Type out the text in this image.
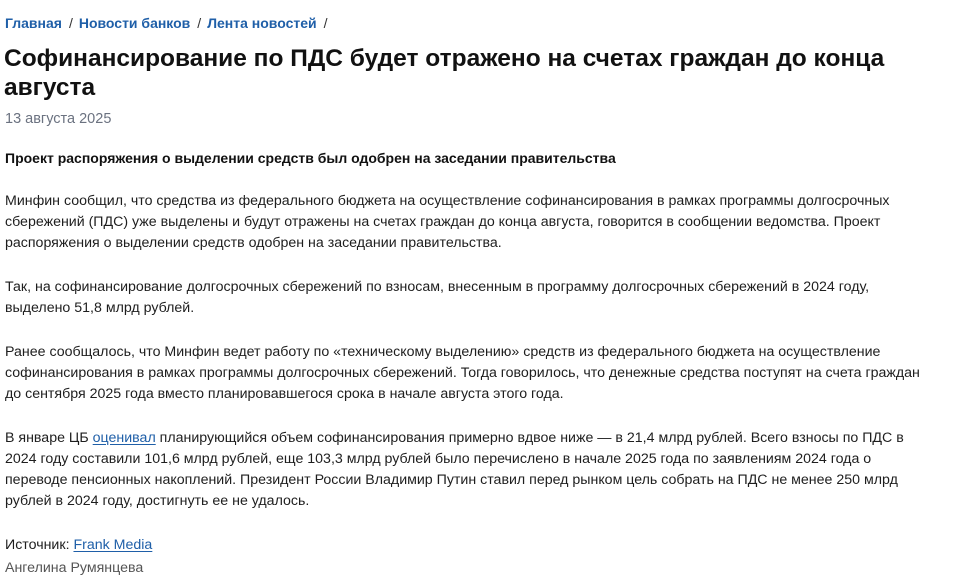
Главная / Новости банков / Лента новостей /
Софинансирование по ПДС будет отражено на счетах граждан до конца августа
13 августа 2025

Проект распоряжения о выделении средств был одобрен на заседании правительства

Минфин сообщил, что средства из федерального бюджета на осуществление софинансирования в рамках программы долгосрочных сбережений (ПДС) уже выделены и будут отражены на счетах граждан до конца августа, говорится в сообщении ведомства. Проект распоряжения о выделении средств одобрен на заседании правительства.

Так, на софинансирование долгосрочных сбережений по взносам, внесенным в программу долгосрочных сбережений в 2024 году, выделено 51,8 млрд рублей.

Ранее сообщалось, что Минфин ведет работу по «техническому выделению» средств из федерального бюджета на осуществление софинансирования в рамках программы долгосрочных сбережений. Тогда говорилось, что денежные средства поступят на счета граждан до сентября 2025 года вместо планировавшегося срока в начале августа этого года.

В январе ЦБ оценивал планирующийся объем софинансирования примерно вдвое ниже — в 21,4 млрд рублей. Всего взносы по ПДС в 2024 году составили 101,6 млрд рублей, еще 103,3 млрд рублей было перечислено в начале 2025 года по заявлениям 2024 года о переводе пенсионных накоплений. Президент России Владимир Путин ставил перед рынком цель собрать на ПДС не менее 250 млрд рублей в 2024 году, достигнуть ее не удалось.

Источник: Frank Media
Ангелина Румянцева
